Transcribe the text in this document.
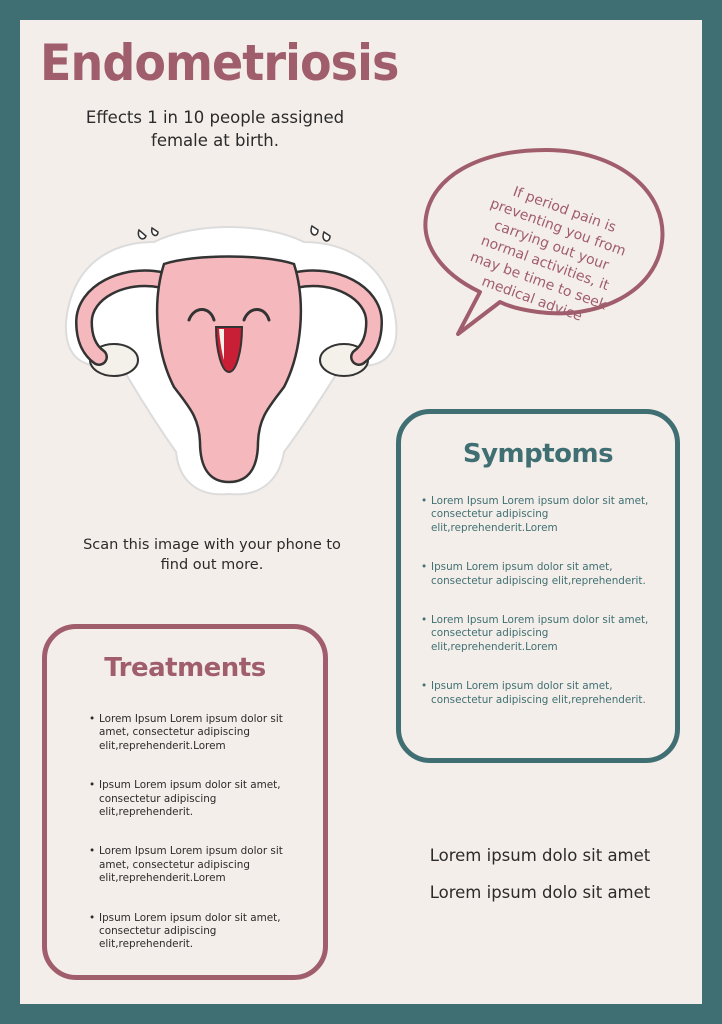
Endometriosis
Effects 1 in 10 people assigned female at birth.
If period pain is preventing you from carrying out your normal activities, it may be time to seek medical advice
Scan this image with your phone to find out more.
Symptoms
• Lorem Ipsum Lorem ipsum dolor sit amet, consectetur adipiscing elit,reprehenderit.Lorem
• Ipsum Lorem ipsum dolor sit amet, consectetur adipiscing elit,reprehenderit.
• Lorem Ipsum Lorem ipsum dolor sit amet, consectetur adipiscing elit,reprehenderit.Lorem
• Ipsum Lorem ipsum dolor sit amet, consectetur adipiscing elit,reprehenderit.
Treatments
• Lorem Ipsum Lorem ipsum dolor sit amet, consectetur adipiscing elit,reprehenderit.Lorem
• Ipsum Lorem ipsum dolor sit amet, consectetur adipiscing elit,reprehenderit.
• Lorem Ipsum Lorem ipsum dolor sit amet, consectetur adipiscing elit,reprehenderit.Lorem
• Ipsum Lorem ipsum dolor sit amet, consectetur adipiscing elit,reprehenderit.
Lorem ipsum dolo sit amet
Lorem ipsum dolo sit amet
